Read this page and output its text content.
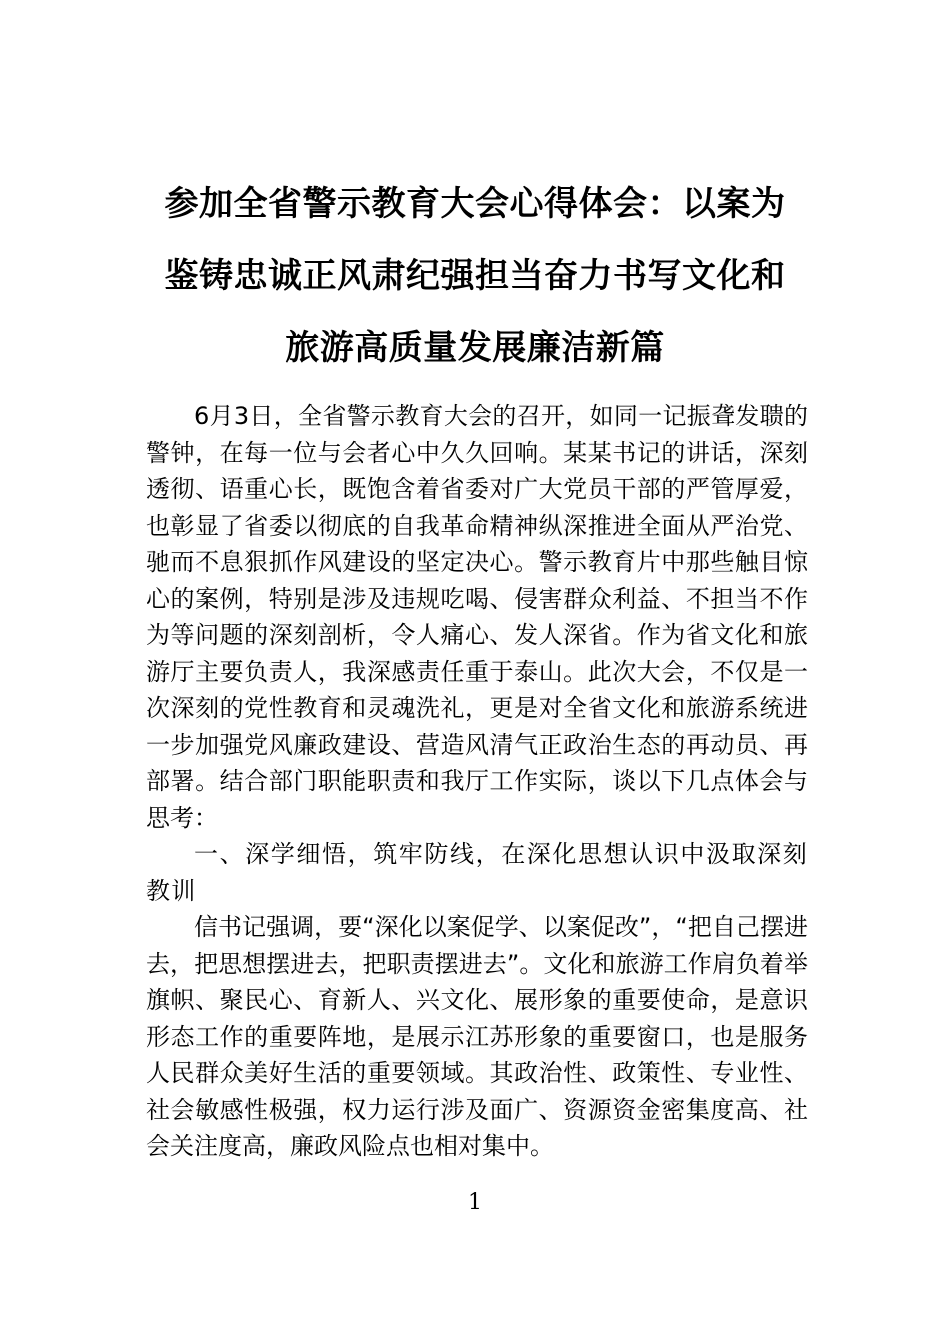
参加全省警示教育大会心得体会：以案为
鉴铸忠诚正风肃纪强担当奋力书写文化和
旅游高质量发展廉洁新篇

6月3日，全省警示教育大会的召开，如同一记振聋发聩的警钟，在每一位与会者心中久久回响。某某书记的讲话，深刻透彻、语重心长，既饱含着省委对广大党员干部的严管厚爱，也彰显了省委以彻底的自我革命精神纵深推进全面从严治党、驰而不息狠抓作风建设的坚定决心。警示教育片中那些触目惊心的案例，特别是涉及违规吃喝、侵害群众利益、不担当不作为等问题的深刻剖析，令人痛心、发人深省。作为省文化和旅游厅主要负责人，我深感责任重于泰山。此次大会，不仅是一次深刻的党性教育和灵魂洗礼，更是对全省文化和旅游系统进一步加强党风廉政建设、营造风清气正政治生态的再动员、再部署。结合部门职能职责和我厅工作实际，谈以下几点体会与思考：

一、深学细悟，筑牢防线，在深化思想认识中汲取深刻教训

信书记强调，要“深化以案促学、以案促改”，“把自己摆进去，把思想摆进去，把职责摆进去”。文化和旅游工作肩负着举旗帜、聚民心、育新人、兴文化、展形象的重要使命，是意识形态工作的重要阵地，是展示江苏形象的重要窗口，也是服务人民群众美好生活的重要领域。其政治性、政策性、专业性、社会敏感性极强，权力运行涉及面广、资源资金密集度高、社会关注度高，廉政风险点也相对集中。

1
